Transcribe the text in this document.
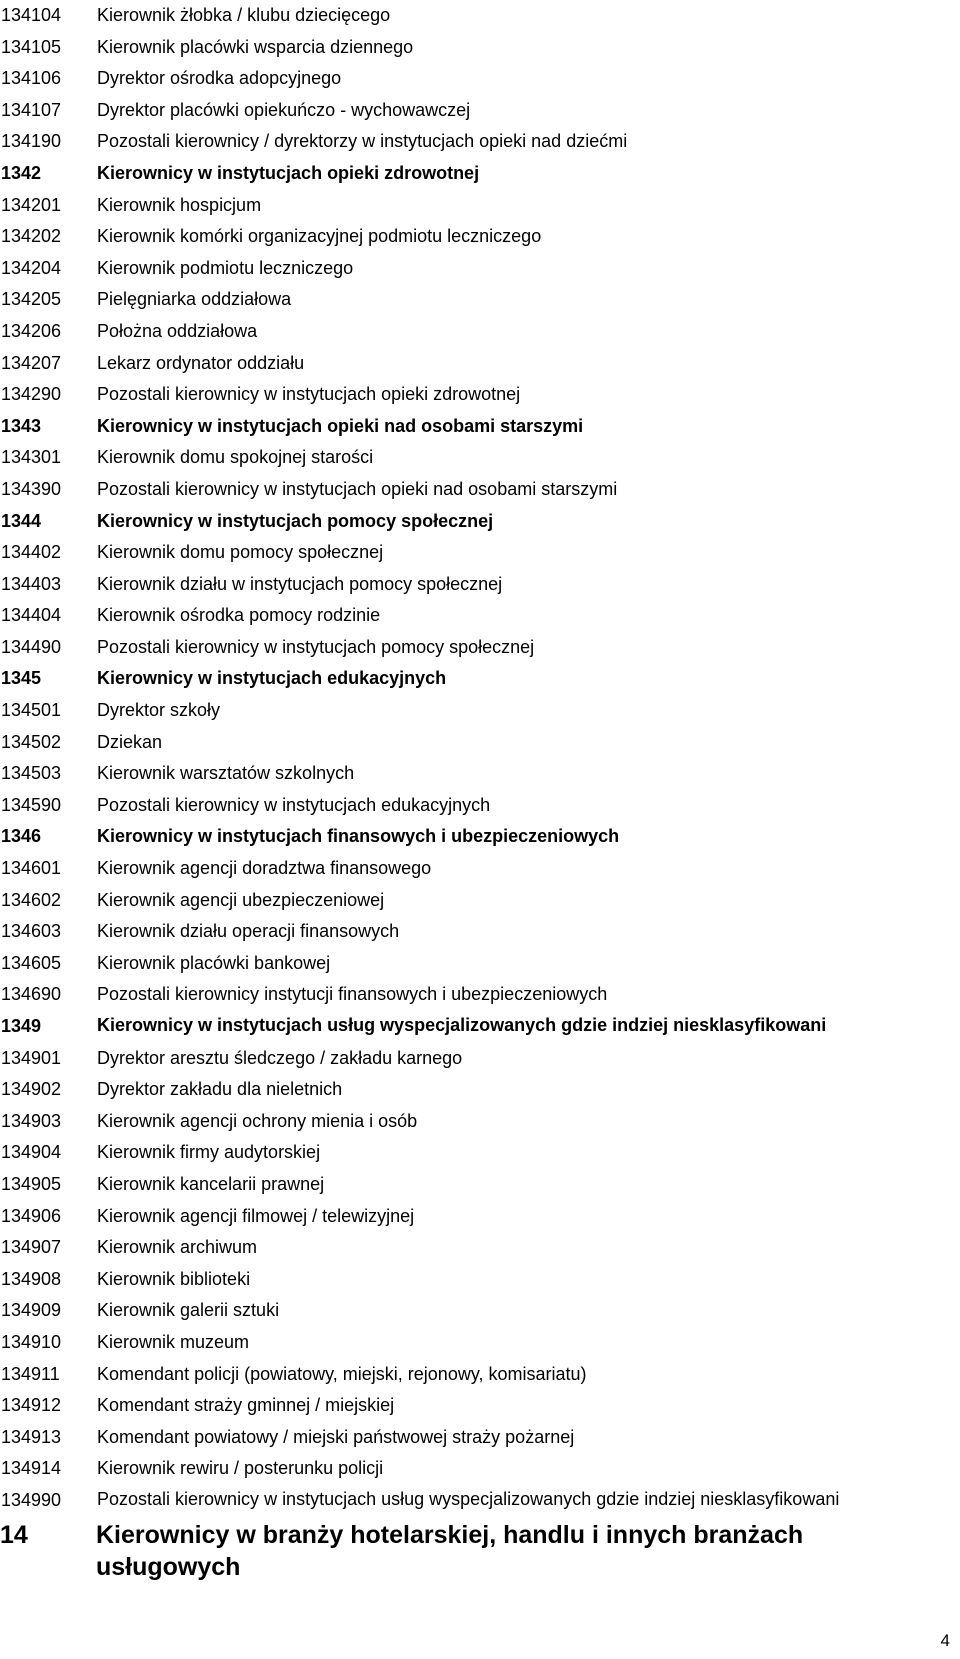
134104	Kierownik żłobka / klubu dziecięcego
134105	Kierownik placówki wsparcia dziennego
134106	Dyrektor ośrodka adopcyjnego
134107	Dyrektor placówki opiekuńczo - wychowawczej
134190	Pozostali kierownicy / dyrektorzy w instytucjach opieki nad dziećmi
1342	Kierownicy w instytucjach opieki zdrowotnej
134201	Kierownik hospicjum
134202	Kierownik komórki organizacyjnej podmiotu leczniczego
134204	Kierownik podmiotu leczniczego
134205	Pielęgniarka oddziałowa
134206	Położna oddziałowa
134207	Lekarz ordynator oddziału
134290	Pozostali kierownicy w instytucjach opieki zdrowotnej
1343	Kierownicy w instytucjach opieki nad osobami starszymi
134301	Kierownik domu spokojnej starości
134390	Pozostali kierownicy w instytucjach opieki nad osobami starszymi
1344	Kierownicy w instytucjach pomocy społecznej
134402	Kierownik domu pomocy społecznej
134403	Kierownik działu w instytucjach pomocy społecznej
134404	Kierownik ośrodka pomocy rodzinie
134490	Pozostali kierownicy w instytucjach pomocy społecznej
1345	Kierownicy w instytucjach edukacyjnych
134501	Dyrektor szkoły
134502	Dziekan
134503	Kierownik warsztatów szkolnych
134590	Pozostali kierownicy w instytucjach edukacyjnych
1346	Kierownicy w instytucjach finansowych i ubezpieczeniowych
134601	Kierownik agencji doradztwa finansowego
134602	Kierownik agencji ubezpieczeniowej
134603	Kierownik działu operacji finansowych
134605	Kierownik placówki bankowej
134690	Pozostali kierownicy instytucji finansowych i ubezpieczeniowych
1349	Kierownicy w instytucjach usług wyspecjalizowanych gdzie indziej niesklasyfikowani
134901	Dyrektor aresztu śledczego / zakładu karnego
134902	Dyrektor zakładu dla nieletnich
134903	Kierownik agencji ochrony mienia i osób
134904	Kierownik firmy audytorskiej
134905	Kierownik kancelarii prawnej
134906	Kierownik agencji filmowej / telewizyjnej
134907	Kierownik archiwum
134908	Kierownik biblioteki
134909	Kierownik galerii sztuki
134910	Kierownik muzeum
134911	Komendant policji (powiatowy, miejski, rejonowy, komisariatu)
134912	Komendant straży gminnej / miejskiej
134913	Komendant powiatowy / miejski państwowej straży pożarnej
134914	Kierownik rewiru / posterunku policji
134990	Pozostali kierownicy w instytucjach usług wyspecjalizowanych gdzie indziej niesklasyfikowani
14	Kierownicy w branży hotelarskiej, handlu i innych branżach usługowych
4
